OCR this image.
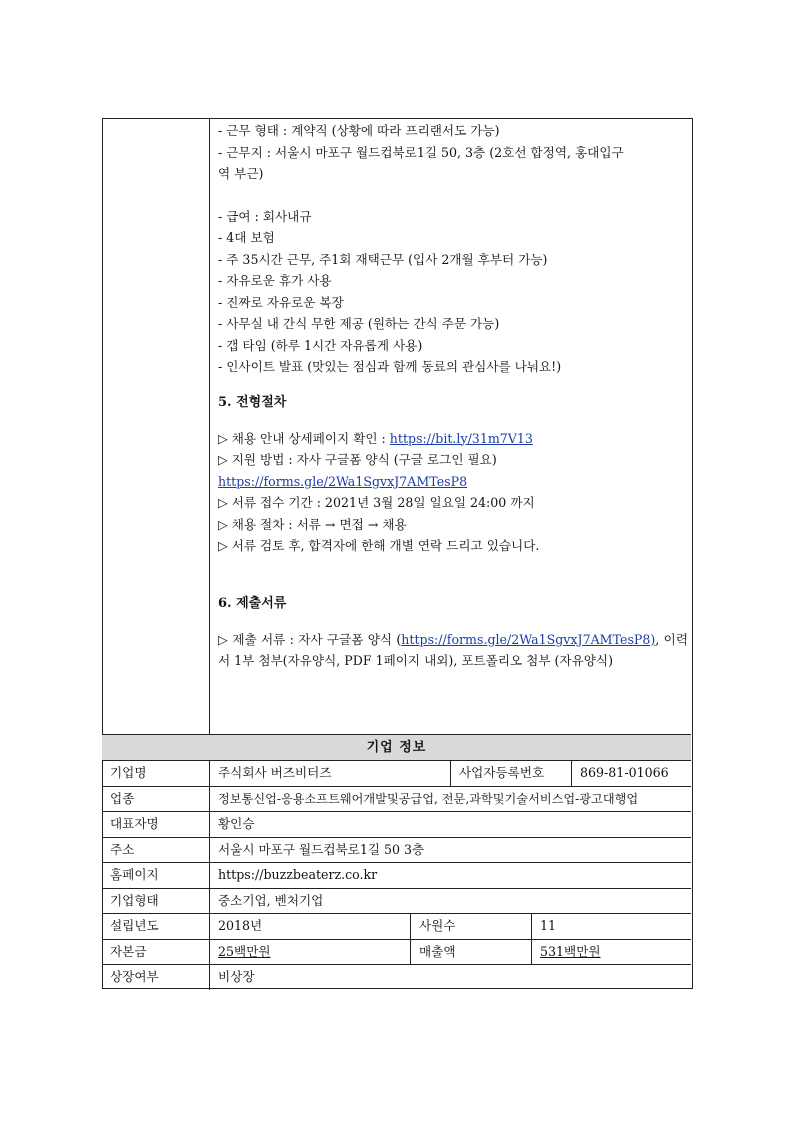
- 근무 형태 : 계약직 (상황에 따라 프리랜서도 가능)
- 근무지 : 서울시 마포구 월드컵북로1길 50, 3층 (2호선 합정역, 홍대입구
역 부근)
- 급여 : 회사내규
- 4대 보험
- 주 35시간 근무, 주1회 재택근무 (입사 2개월 후부터 가능)
- 자유로운 휴가 사용
- 진짜로 자유로운 복장
- 사무실 내 간식 무한 제공 (원하는 간식 주문 가능)
- 갭 타임 (하루 1시간 자유롭게 사용)
- 인사이트 발표 (맛있는 점심과 함께 동료의 관심사를 나눠요!)
5. 전형절차
▷ 채용 안내 상세페이지 확인 : https://bit.ly/31m7V13
▷ 지원 방법 : 자사 구글폼 양식 (구글 로그인 필요)
https://forms.gle/2Wa1SgvxJ7AMTesP8
▷ 서류 접수 기간 : 2021년 3월 28일 일요일 24:00 까지
▷ 채용 절차 : 서류 → 면접 → 채용
▷ 서류 검토 후, 합격자에 한해 개별 연락 드리고 있습니다.
6. 제출서류
▷ 제출 서류 : 자사 구글폼 양식 (https://forms.gle/2Wa1SgvxJ7AMTesP8), 이력서 1부 첨부(자유양식, PDF 1페이지 내외), 포트폴리오 첨부 (자유양식)
기업 정보
기업명	주식회사 버즈비터즈	사업자등록번호	869-81-01066
업종	정보통신업-응용소프트웨어개발및공급업, 전문,과학및기술서비스업-광고대행업
대표자명	황인승
주소	서울시 마포구 월드컵북로1길 50 3층
홈페이지	https://buzzbeaterz.co.kr
기업형태	중소기업, 벤처기업
설립년도	2018년	사원수	11
자본금	25백만원	매출액	531백만원
상장여부	비상장
